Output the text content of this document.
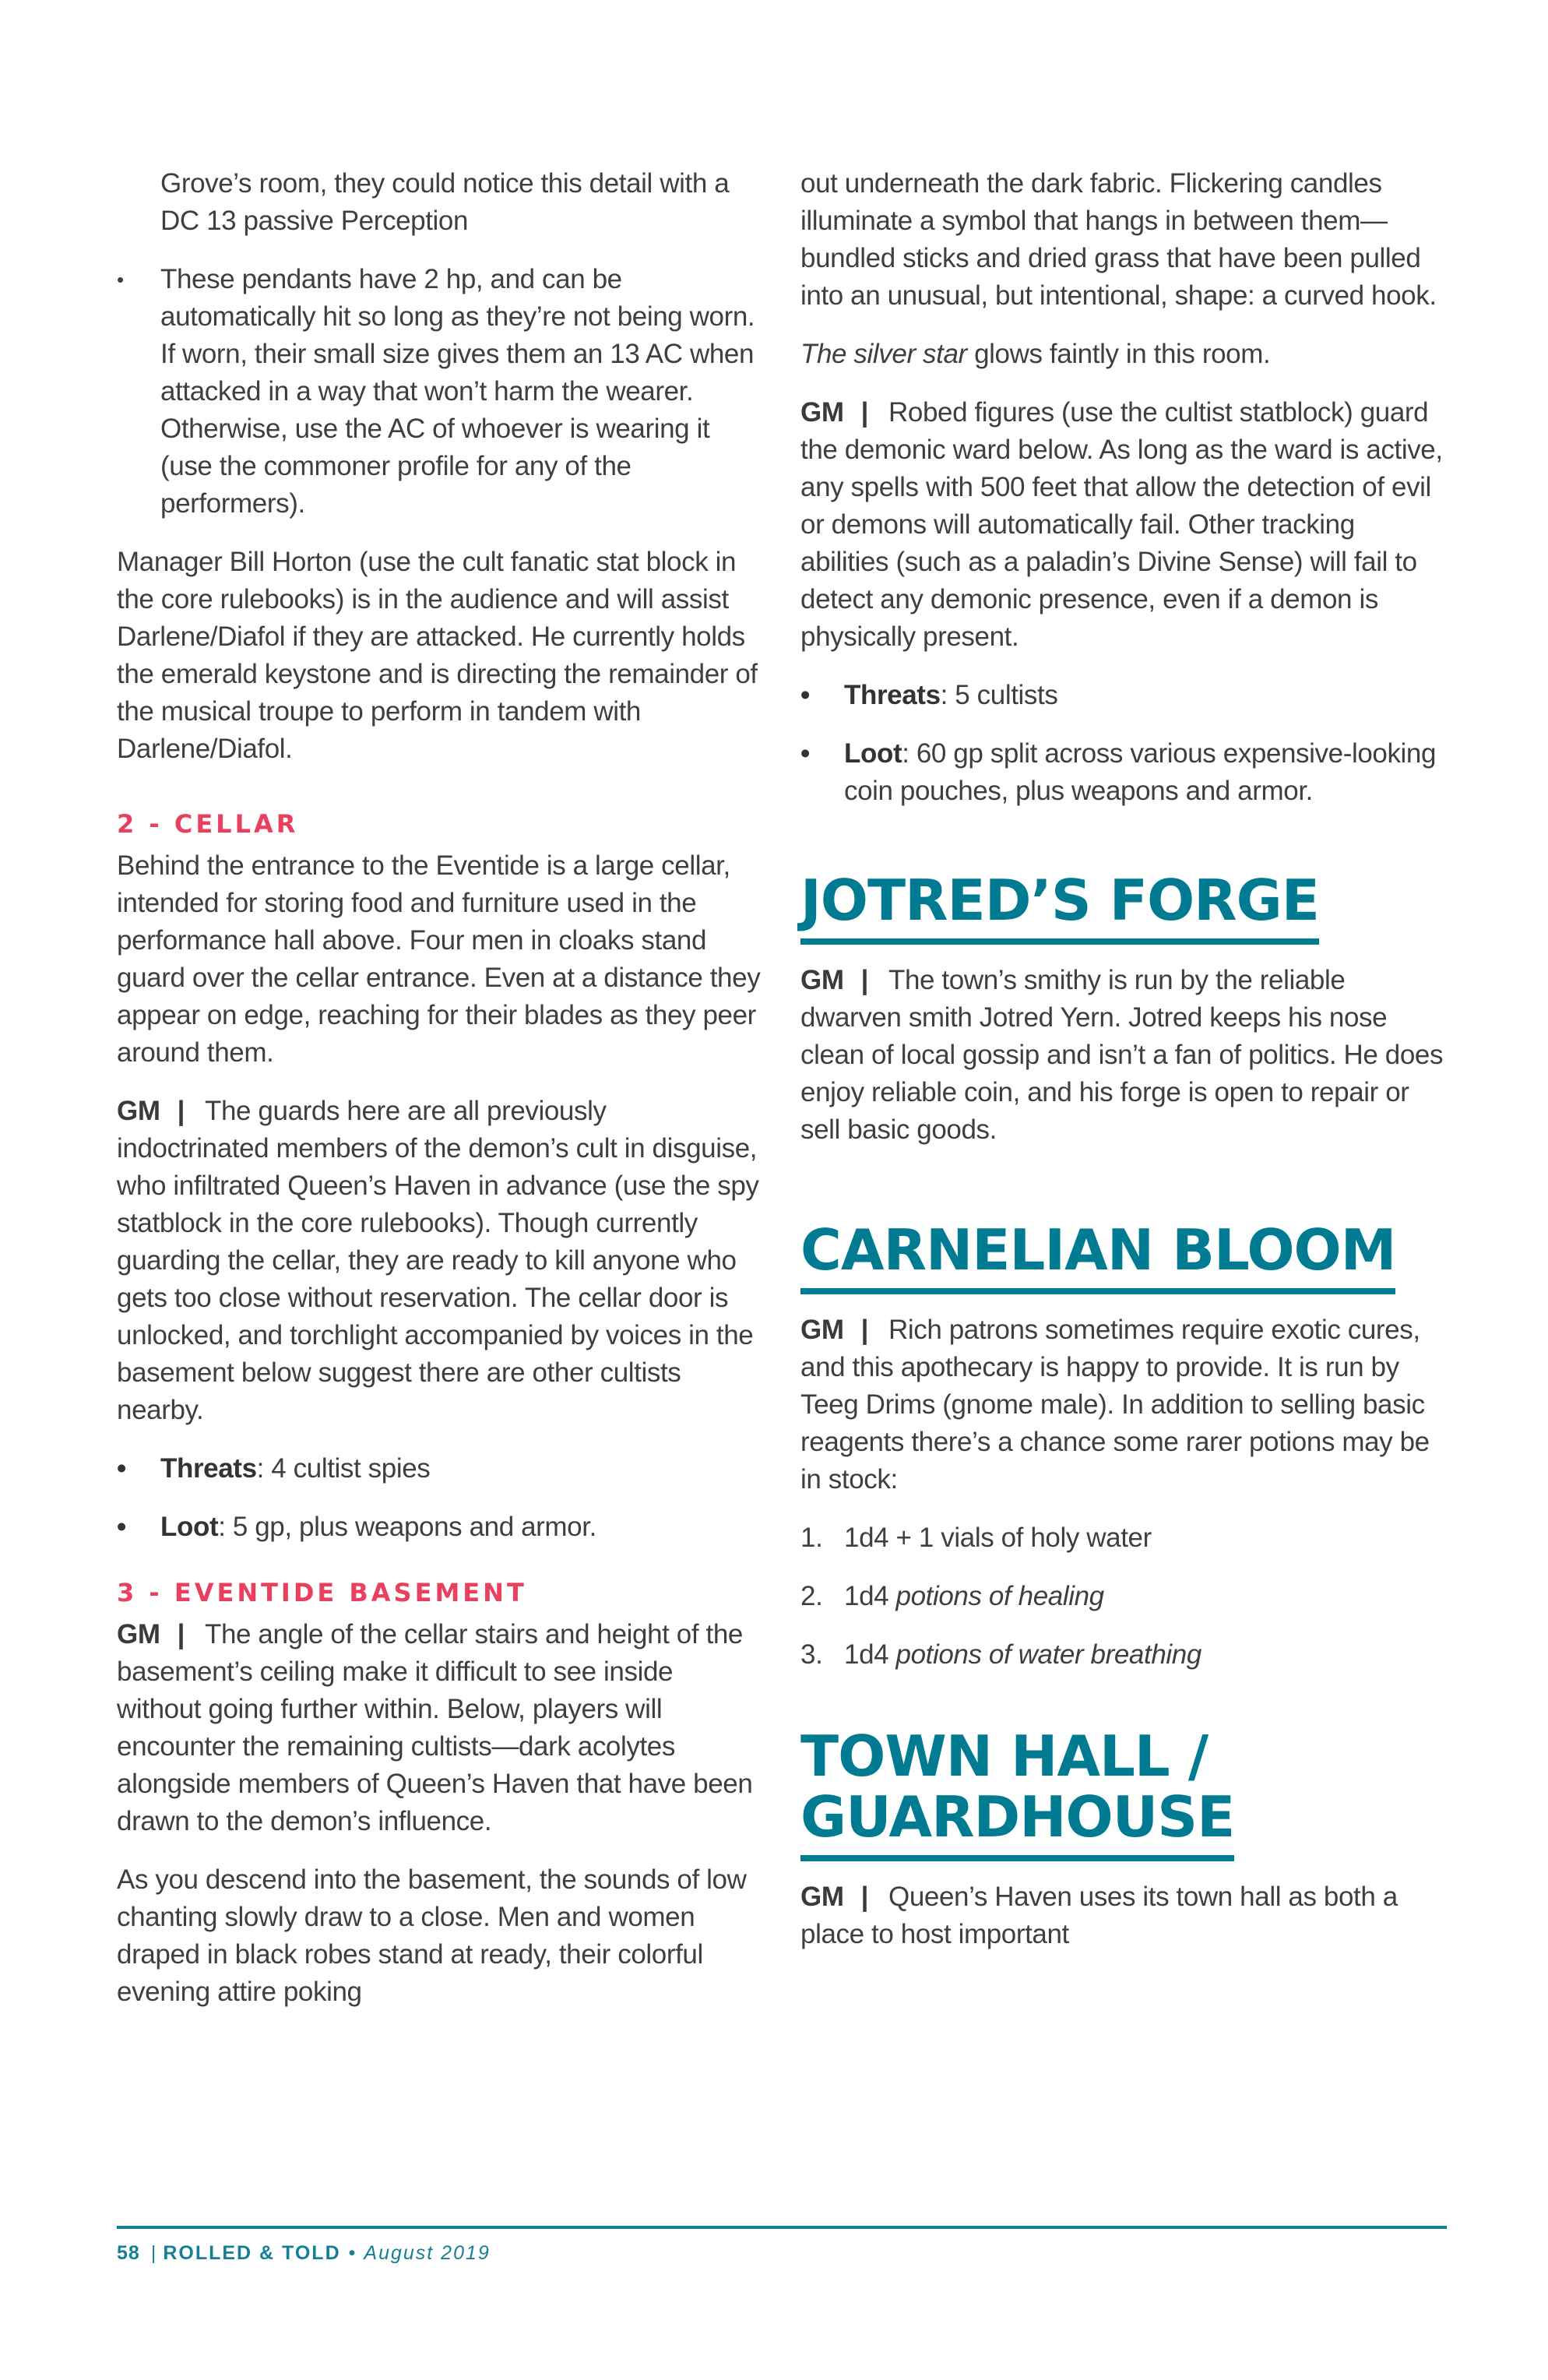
Grove’s room, they could notice this detail with a DC 13 passive Perception
•	These pendants have 2 hp, and can be automatically hit so long as they’re not being worn. If worn, their small size gives them an 13 AC when attacked in a way that won’t harm the wearer. Otherwise, use the AC of whoever is wearing it (use the commoner profile for any of the performers).

Manager Bill Horton (use the cult fanatic stat block in the core rulebooks) is in the audience and will assist Darlene/Diafol if they are attacked. He currently holds the emerald keystone and is directing the remainder of the musical troupe to perform in tandem with Darlene/Diafol.

2 - CELLAR

Behind the entrance to the Eventide is a large cellar, intended for storing food and furniture used in the performance hall above. Four men in cloaks stand guard over the cellar entrance. Even at a distance they appear on edge, reaching for their blades as they peer around them.

GM | The guards here are all previously indoctrinated members of the demon’s cult in disguise, who infiltrated Queen’s Haven in advance (use the spy statblock in the core rulebooks). Though currently guarding the cellar, they are ready to kill anyone who gets too close without reservation. The cellar door is unlocked, and torchlight accompanied by voices in the basement below suggest there are other cultists nearby.

•	Threats: 4 cultist spies
•	Loot: 5 gp, plus weapons and armor.
3 - EVENTIDE BASEMENT

GM | The angle of the cellar stairs and height of the basement’s ceiling make it difficult to see inside without going further within. Below, players will encounter the remaining cultists—dark acolytes alongside members of Queen’s Haven that have been drawn to the demon’s influence.

As you descend into the basement, the sounds of low chanting slowly draw to a close. Men and women draped in black robes stand at ready, their colorful evening attire poking

out underneath the dark fabric. Flickering candles illuminate a symbol that hangs in between them—bundled sticks and dried grass that have been pulled into an unusual, but intentional, shape: a curved hook.

The silver star glows faintly in this room.

GM | Robed figures (use the cultist statblock) guard the demonic ward below. As long as the ward is active, any spells with 500 feet that allow the detection of evil or demons will automatically fail. Other tracking abilities (such as a paladin’s Divine Sense) will fail to detect any demonic presence, even if a demon is physically present.

•	Threats: 5 cultists
•	Loot: 60 gp split across various expensive-looking coin pouches, plus weapons and armor.
JOTRED’S FORGE

GM | The town’s smithy is run by the reliable dwarven smith Jotred Yern. Jotred keeps his nose clean of local gossip and isn’t a fan of politics. He does enjoy reliable coin, and his forge is open to repair or sell basic goods.

CARNELIAN BLOOM

GM | Rich patrons sometimes require exotic cures, and this apothecary is happy to provide. It is run by Teeg Drims (gnome male). In addition to selling basic reagents there’s a chance some rarer potions may be in stock:

1. 1d4 + 1 vials of holy water
2. 1d4 potions of healing
3. 1d4 potions of water breathing
TOWN HALL /
GUARDHOUSE

GM | Queen’s Haven uses its town hall as both a place to host important

58 | ROLLED & TOLD • August 2019
